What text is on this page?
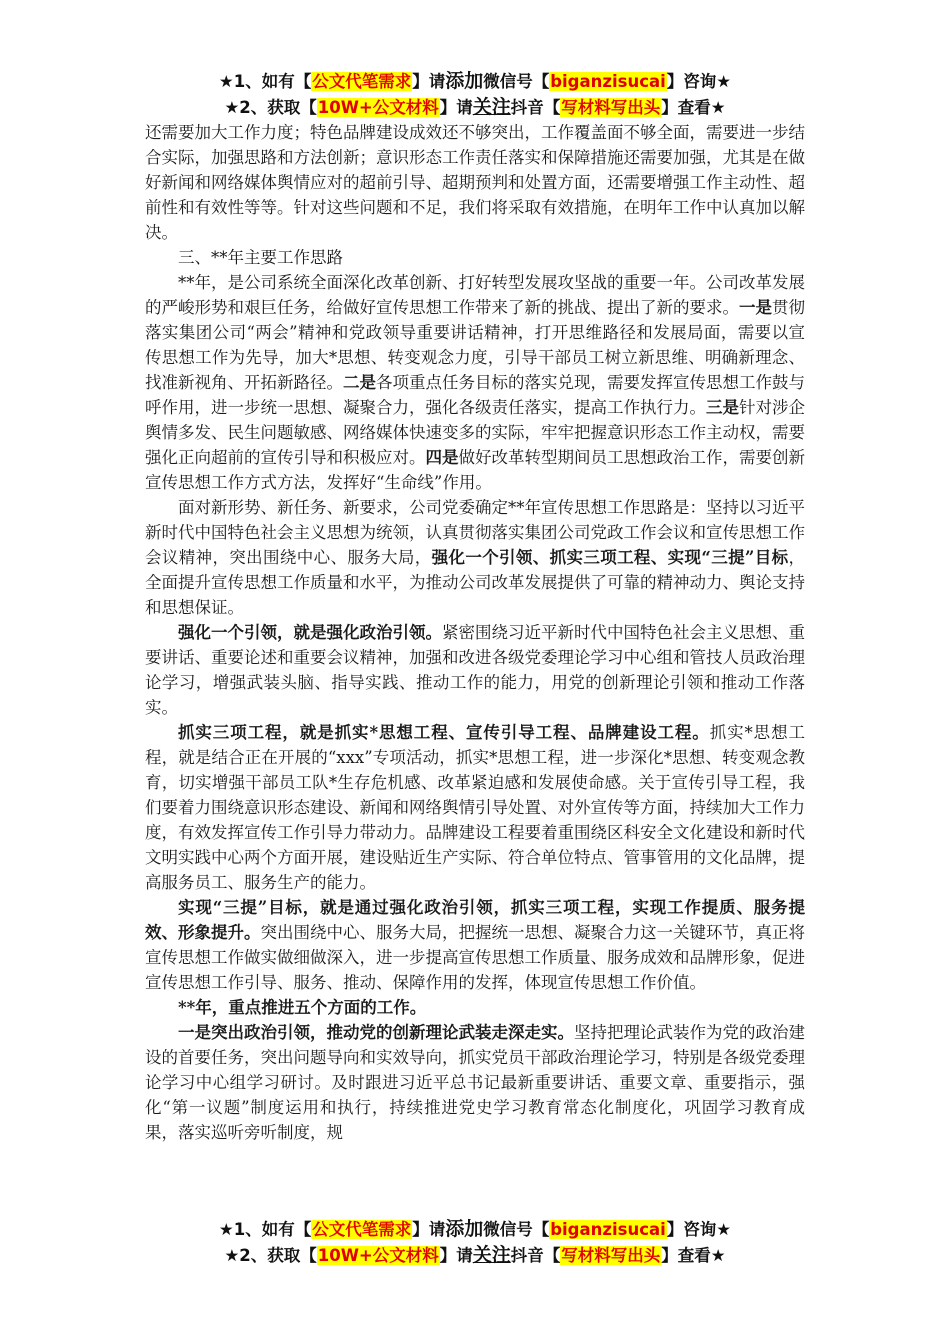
★1、如有【公文代笔需求】请添加微信号【biganzisucai】咨询★
★2、获取【10W+公文材料】请关注抖音【写材料写出头】查看★

还需要加大工作力度；特色品牌建设成效还不够突出，工作覆盖面不够全面，需要进一步结合实际，加强思路和方法创新；意识形态工作责任落实和保障措施还需要加强，尤其是在做好新闻和网络媒体舆情应对的超前引导、超期预判和处置方面，还需要增强工作主动性、超前性和有效性等等。针对这些问题和不足，我们将采取有效措施，在明年工作中认真加以解决。

三、**年主要工作思路

**年，是公司系统全面深化改革创新、打好转型发展攻坚战的重要一年。公司改革发展的严峻形势和艰巨任务，给做好宣传思想工作带来了新的挑战、提出了新的要求。一是贯彻落实集团公司“两会”精神和党政领导重要讲话精神，打开思维路径和发展局面，需要以宣传思想工作为先导，加大*思想、转变观念力度，引导干部员工树立新思维、明确新理念、找准新视角、开拓新路径。二是各项重点任务目标的落实兑现，需要发挥宣传思想工作鼓与呼作用，进一步统一思想、凝聚合力，强化各级责任落实，提高工作执行力。三是针对涉企舆情多发、民生问题敏感、网络媒体快速变多的实际，牢牢把握意识形态工作主动权，需要强化正向超前的宣传引导和积极应对。四是做好改革转型期间员工思想政治工作，需要创新宣传思想工作方式方法，发挥好“生命线”作用。

面对新形势、新任务、新要求，公司党委确定**年宣传思想工作思路是：坚持以习近平新时代中国特色社会主义思想为统领，认真贯彻落实集团公司党政工作会议和宣传思想工作会议精神，突出围绕中心、服务大局，强化一个引领、抓实三项工程、实现“三提”目标，全面提升宣传思想工作质量和水平，为推动公司改革发展提供了可靠的精神动力、舆论支持和思想保证。

强化一个引领，就是强化政治引领。紧密围绕习近平新时代中国特色社会主义思想、重要讲话、重要论述和重要会议精神，加强和改进各级党委理论学习中心组和管技人员政治理论学习，增强武装头脑、指导实践、推动工作的能力，用党的创新理论引领和推动工作落实。

抓实三项工程，就是抓实*思想工程、宣传引导工程、品牌建设工程。抓实*思想工程，就是结合正在开展的“xxx”专项活动，抓实*思想工程，进一步深化*思想、转变观念教育，切实增强干部员工队*生存危机感、改革紧迫感和发展使命感。关于宣传引导工程，我们要着力围绕意识形态建设、新闻和网络舆情引导处置、对外宣传等方面，持续加大工作力度，有效发挥宣传工作引导力带动力。品牌建设工程要着重围绕区科安全文化建设和新时代文明实践中心两个方面开展，建设贴近生产实际、符合单位特点、管事管用的文化品牌，提高服务员工、服务生产的能力。

实现“三提”目标，就是通过强化政治引领，抓实三项工程，实现工作提质、服务提效、形象提升。突出围绕中心、服务大局，把握统一思想、凝聚合力这一关键环节，真正将宣传思想工作做实做细做深入，进一步提高宣传思想工作质量、服务成效和品牌形象，促进宣传思想工作引导、服务、推动、保障作用的发挥，体现宣传思想工作价值。

**年，重点推进五个方面的工作。

一是突出政治引领，推动党的创新理论武装走深走实。坚持把理论武装作为党的政治建设的首要任务，突出问题导向和实效导向，抓实党员干部政治理论学习，特别是各级党委理论学习中心组学习研讨。及时跟进习近平总书记最新重要讲话、重要文章、重要指示，强化“第一议题”制度运用和执行，持续推进党史学习教育常态化制度化，巩固学习教育成果，落实巡听旁听制度，规

★1、如有【公文代笔需求】请添加微信号【biganzisucai】咨询★
★2、获取【10W+公文材料】请关注抖音【写材料写出头】查看★
